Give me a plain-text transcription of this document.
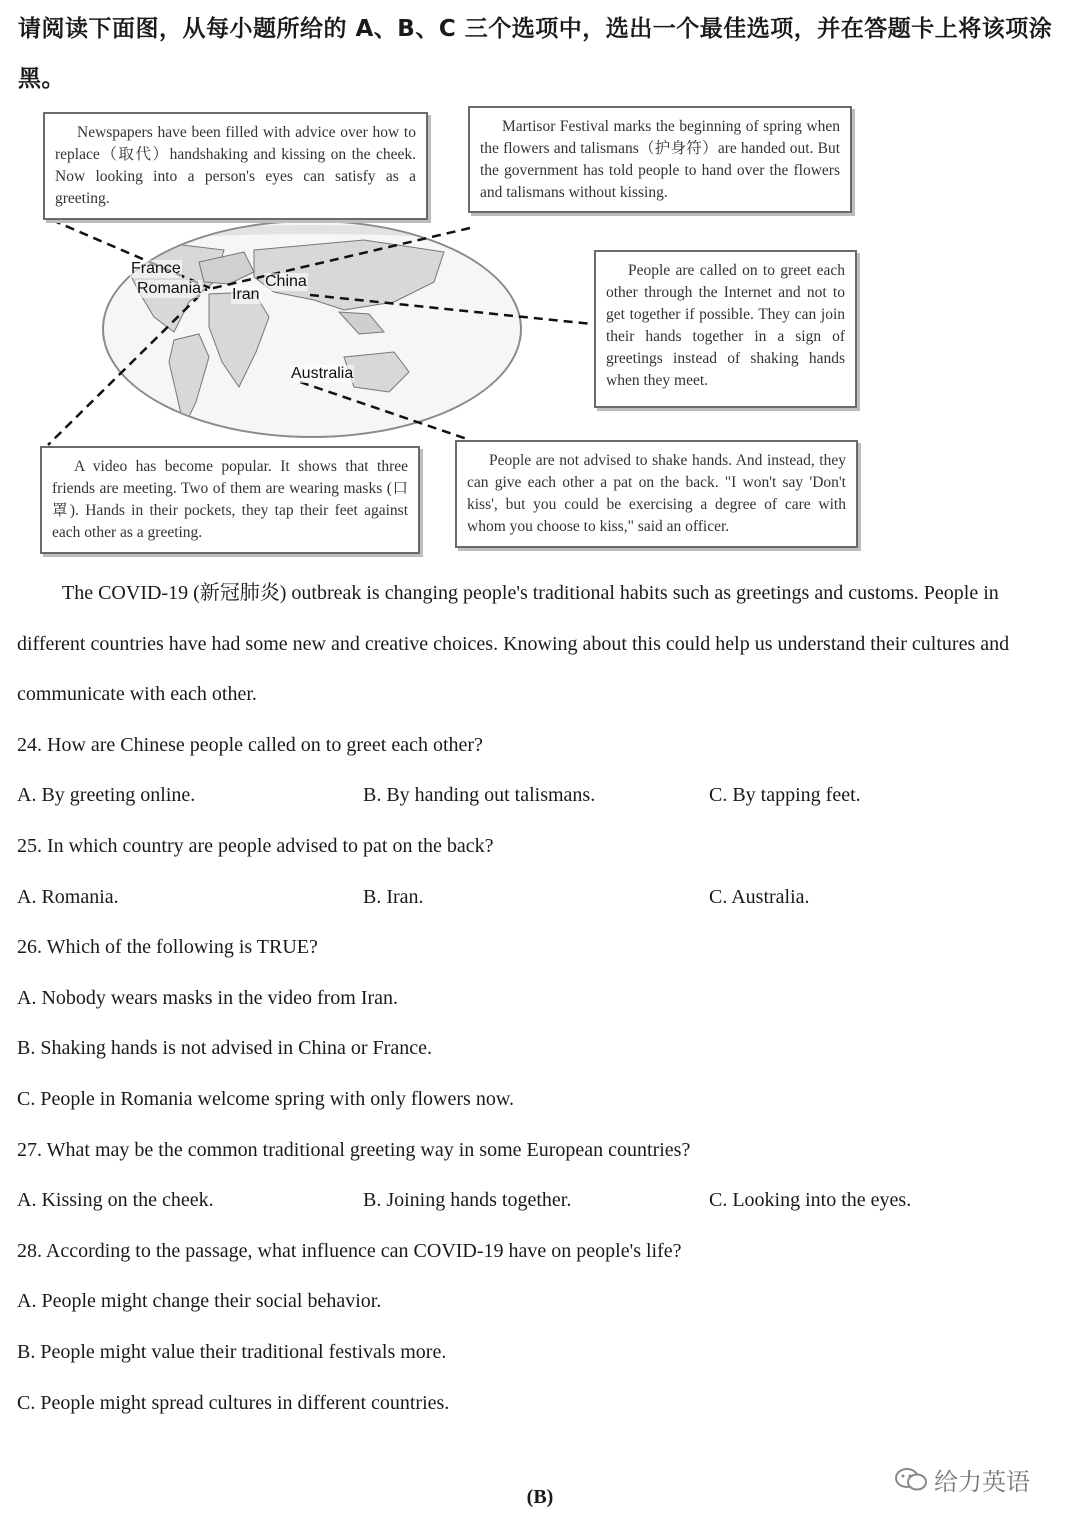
请阅读下面图，从每小题所给的 A、B、C 三个选项中，选出一个最佳选项，并在答题卡上将该项涂黑。
France
Romania Iran
China
Australia

Newspapers have been filled with advice over how to replace（取代）handshaking and kissing on the cheek. Now looking into a person's eyes can satisfy as a greeting.

Martisor Festival marks the beginning of spring when the flowers and talismans（护身符）are handed out. But the government has told people to hand over the flowers and talismans without kissing.

People are called on to greet each other through the Internet and not to get together if possible. They can join their hands together in a sign of greetings instead of shaking hands when they meet.

A video has become popular. It shows that three friends are meeting. Two of them are wearing masks (口罩). Hands in their pockets, they tap their feet against each other as a greeting.

People are not advised to shake hands. And instead, they can give each other a pat on the back. "I won't say 'Don't kiss', but you could be exercising a degree of care with whom you choose to kiss," said an officer.

The COVID-19 (新冠肺炎) outbreak is changing people's traditional habits such as greetings and customs. People in different countries have had some new and creative choices. Knowing about this could help us understand their cultures and communicate with each other.

24. How are Chinese people called on to greet each other?

A. By greeting online.	B. By handing out talismans.	C. By tapping feet.

25. In which country are people advised to pat on the back?

A. Romania.	B. Iran.	C. Australia.

26. Which of the following is TRUE?

A. Nobody wears masks in the video from Iran.

B. Shaking hands is not advised in China or France.

C. People in Romania welcome spring with only flowers now.

27. What may be the common traditional greeting way in some European countries?

A. Kissing on the cheek.	B. Joining hands together.	C. Looking into the eyes.

28. According to the passage, what influence can COVID-19 have on people's life?

A. People might change their social behavior.

B. People might value their traditional festivals more.

C. People might spread cultures in different countries.

给力英语
(B)
